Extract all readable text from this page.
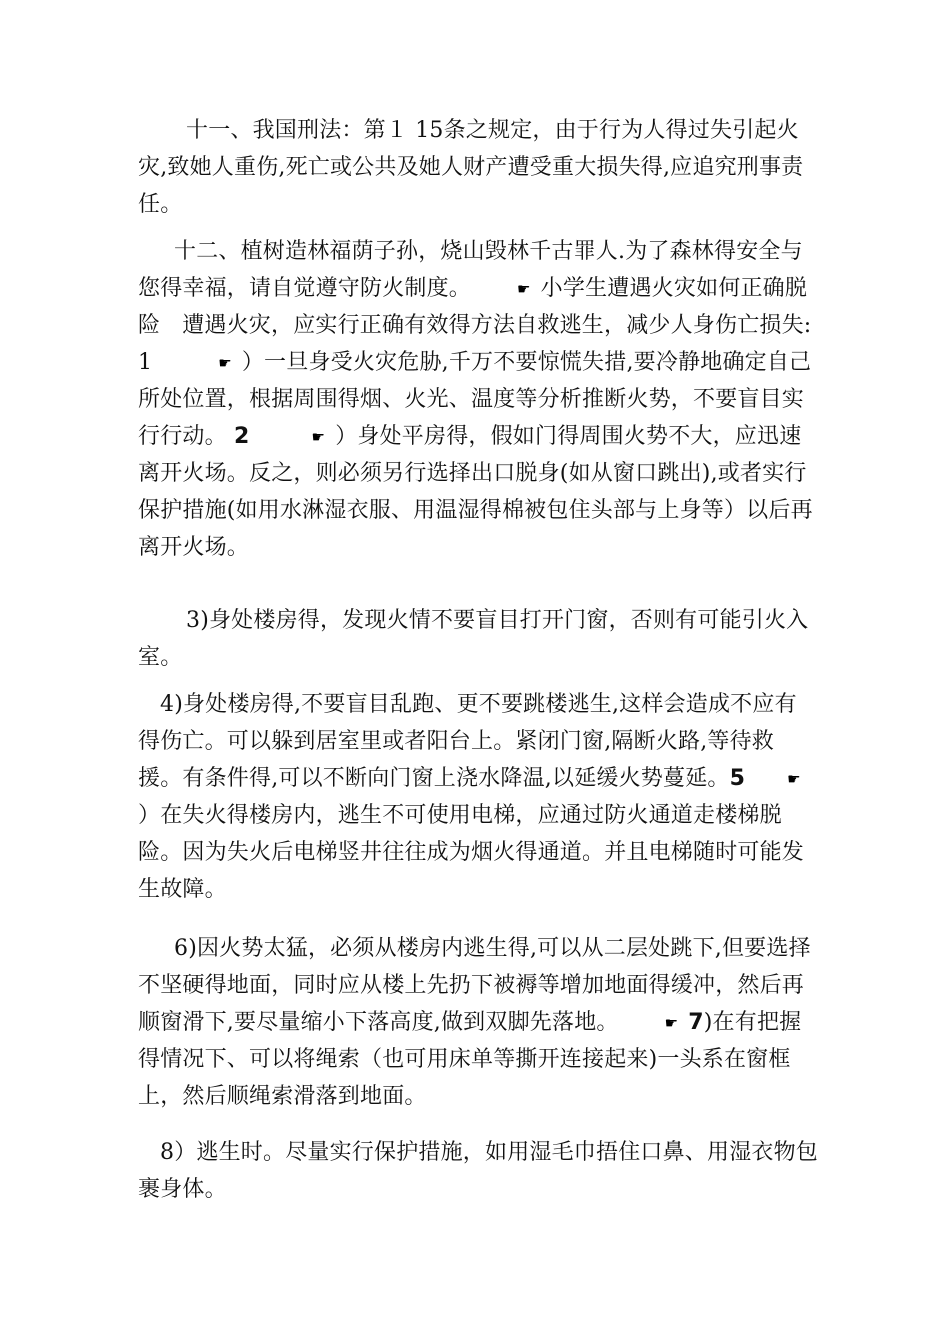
十一、我国刑法：第１ 15条之规定，由于行为人得过失引起火灾,致她人重伤,死亡或公共及她人财产遭受重大损失得,应追究刑事责任。

十二、植树造林福荫子孙，烧山毁林千古罪人.为了森林得安全与您得幸福，请自觉遵守防火制度。	☛ 小学生遭遇火灾如何正确脱险 遭遇火灾，应实行正确有效得方法自救逃生，减少人身伤亡损失:1	☛ ）一旦身受火灾危胁,千万不要惊慌失措,要冷静地确定自己所处位置，根据周围得烟、火光、温度等分析推断火势，不要盲目实行行动。 2	☛ ）身处平房得，假如门得周围火势不大，应迅速离开火场。反之，则必须另行选择出口脱身(如从窗口跳出),或者实行保护措施(如用水淋湿衣服、用温湿得棉被包住头部与上身等）以后再离开火场。

3)身处楼房得，发现火情不要盲目打开门窗，否则有可能引火入室。

4)身处楼房得,不要盲目乱跑、更不要跳楼逃生,这样会造成不应有得伤亡。可以躲到居室里或者阳台上。紧闭门窗,隔断火路,等待救援。有条件得,可以不断向门窗上浇水降温,以延缓火势蔓延。5	☛）在失火得楼房内，逃生不可使用电梯，应通过防火通道走楼梯脱险。因为失火后电梯竖井往往成为烟火得通道。并且电梯随时可能发生故障。

6)因火势太猛，必须从楼房内逃生得,可以从二层处跳下,但要选择不坚硬得地面，同时应从楼上先扔下被褥等增加地面得缓冲，然后再顺窗滑下,要尽量缩小下落高度,做到双脚先落地。	☛ 7)在有把握得情况下、可以将绳索（也可用床单等撕开连接起来)一头系在窗框上，然后顺绳索滑落到地面。

8）逃生时。尽量实行保护措施，如用湿毛巾捂住口鼻、用湿衣物包裹身体。
